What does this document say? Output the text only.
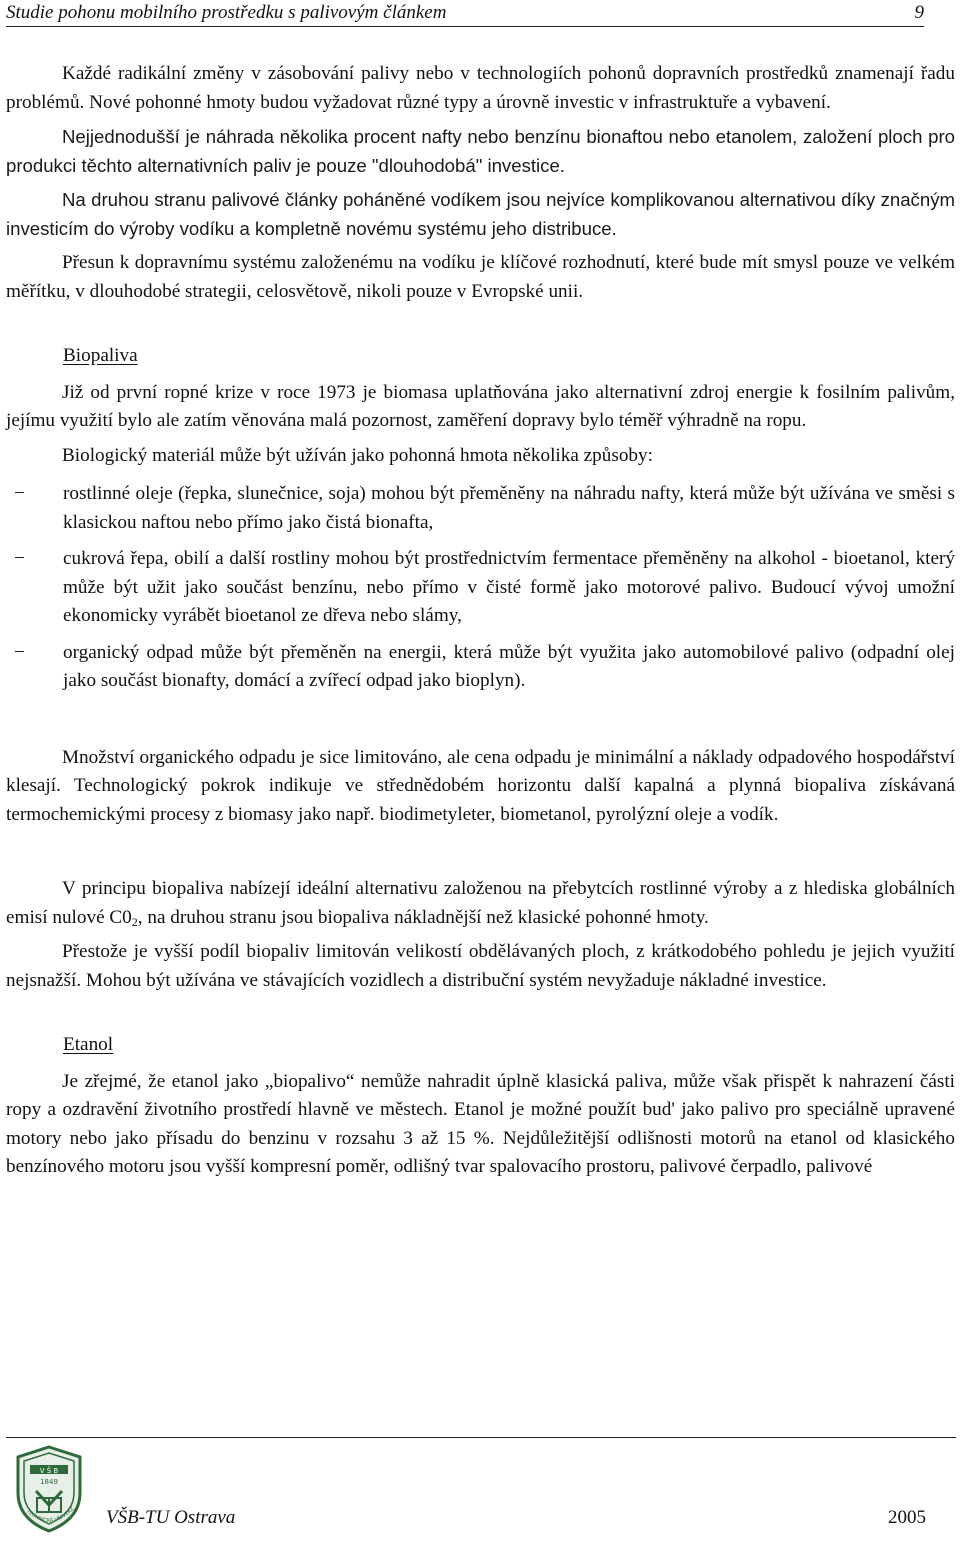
Studie pohonu mobilního prostředku s palivovým článkem	9

Každé radikální změny v zásobování palivy nebo v technologiích pohonů dopravních prostředků znamenají řadu problémů. Nové pohonné hmoty budou vyžadovat různé typy a úrovně investic v infrastruktuře a vybavení.

Nejjednodušší je náhrada několika procent nafty nebo benzínu bionaftou nebo etanolem, založení ploch pro produkci těchto alternativních paliv je pouze "dlouhodobá" investice.

Na druhou stranu palivové články poháněné vodíkem jsou nejvíce komplikovanou alternativou díky značným investicím do výroby vodíku a kompletně novému systému jeho distribuce.

Přesun k dopravnímu systému založenému na vodíku je klíčové rozhodnutí, které bude mít smysl pouze ve velkém měřítku, v dlouhodobé strategii, celosvětově, nikoli pouze v Evropské unii.

Biopaliva

Již od první ropné krize v roce 1973 je biomasa uplatňována jako alternativní zdroj energie k fosilním palivům, jejímu využití bylo ale zatím věnována malá pozornost, zaměření dopravy bylo téměř výhradně na ropu.

Biologický materiál může být užíván jako pohonná hmota několika způsoby:

− rostlinné oleje (řepka, slunečnice, soja) mohou být přeměněny na náhradu nafty, která může být užívána ve směsi s klasickou naftou nebo přímo jako čistá bionafta,
− cukrová řepa, obilí a další rostliny mohou být prostřednictvím fermentace přeměněny na alkohol - bioetanol, který může být užit jako součást benzínu, nebo přímo v čisté formě jako motorové palivo. Budoucí vývoj umožní ekonomicky vyrábět bioetanol ze dřeva nebo slámy,
− organický odpad může být přeměněn na energii, která může být využita jako automobilové palivo (odpadní olej jako součást bionafty, domácí a zvířecí odpad jako bioplyn).

Množství organického odpadu je sice limitováno, ale cena odpadu je minimální a náklady odpadového hospodářství klesají. Technologický pokrok indikuje ve střednědobém horizontu další kapalná a plynná biopaliva získávaná termochemickými procesy z biomasy jako např. biodimetyleter, biometanol, pyrolýzní oleje a vodík.

V principu biopaliva nabízejí ideální alternativu založenou na přebytcích rostlinné výroby a z hlediska globálních emisí nulové $C0_2$, na druhou stranu jsou biopaliva nákladnější než klasické pohonné hmoty.

Přestože je vyšší podíl biopaliv limitován velikostí obdělávaných ploch, z krátkodobého pohledu je jejich využití nejsnažší. Mohou být užívána ve stávajících vozidlech a distribuční systém nevyžaduje nákladné investice.

Etanol

Je zřejmé, že etanol jako „biopalivo“ nemůže nahradit úplně klasická paliva, může však přispět k nahrazení části ropy a ozdravění životního prostředí hlavně ve městech. Etanol je možné použít bud' jako palivo pro speciálně upravené motory nebo jako přísadu do benzinu v rozsahu 3 až 15 %. Nejdůležitější odlišnosti motorů na etanol od klasického benzínového motoru jsou vyšší kompresní poměr, odlišný tvar spalovacího prostoru, palivové čerpadlo, palivové

V Š B
1849
TECHNICKÁ UNIVERZ VŠB-TU Ostrava	2005
